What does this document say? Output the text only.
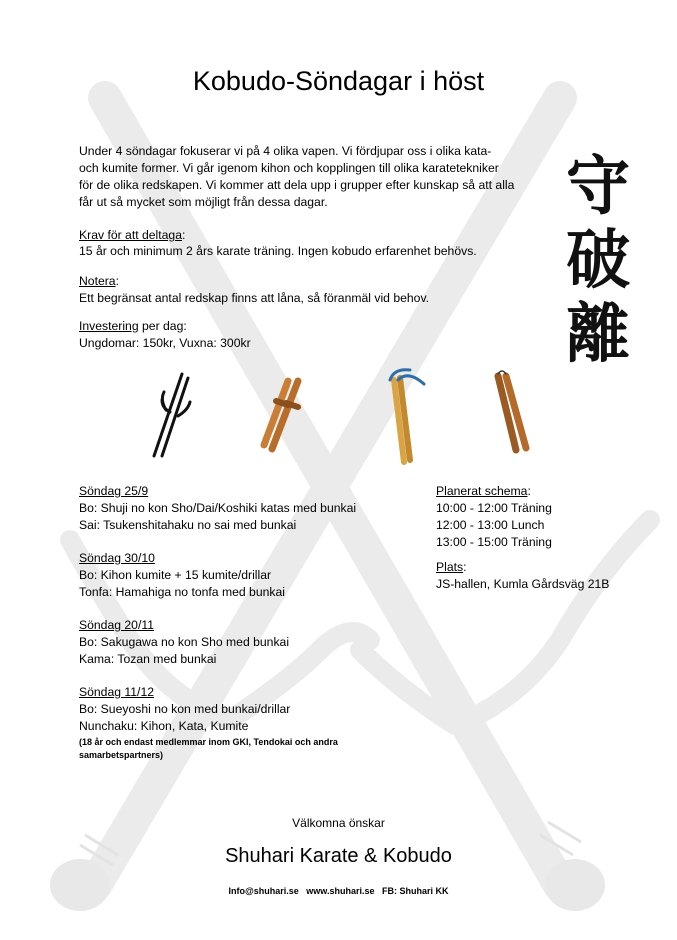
Kobudo-Söndagar i höst
Under 4 söndagar fokuserar vi på 4 olika vapen. Vi fördjupar oss i olika kata-
och kumite former. Vi går igenom kihon och kopplingen till olika karatetekniker
för de olika redskapen. Vi kommer att dela upp i grupper efter kunskap så att alla
får ut så mycket som möjligt från dessa dagar.
Krav för att deltaga:
15 år och minimum 2 års karate träning. Ingen kobudo erfarenhet behövs.
Notera:
Ett begränsat antal redskap finns att låna, så föranmäl vid behov.
Investering per dag:
Ungdomar: 150kr, Vuxna: 300kr
守
破
離
Söndag 25/9
Bo: Shuji no kon Sho/Dai/Koshiki katas med bunkai
Sai: Tsukenshitahaku no sai med bunkai
Söndag 30/10
Bo: Kihon kumite + 15 kumite/drillar
Tonfa: Hamahiga no tonfa med bunkai
Söndag 20/11
Bo: Sakugawa no kon Sho med bunkai
Kama: Tozan med bunkai
Söndag 11/12
Bo: Sueyoshi no kon med bunkai/drillar
Nunchaku: Kihon, Kata, Kumite
(18 år och endast medlemmar inom GKI, Tendokai och andra
samarbetspartners)
Planerat schema:
10:00 - 12:00 Träning
12:00 - 13:00 Lunch
13:00 - 15:00 Träning
Plats:
JS-hallen, Kumla Gårdsväg 21B
Välkomna önskar
Shuhari Karate & Kobudo
Info@shuhari.se   www.shuhari.se   FB: Shuhari KK
